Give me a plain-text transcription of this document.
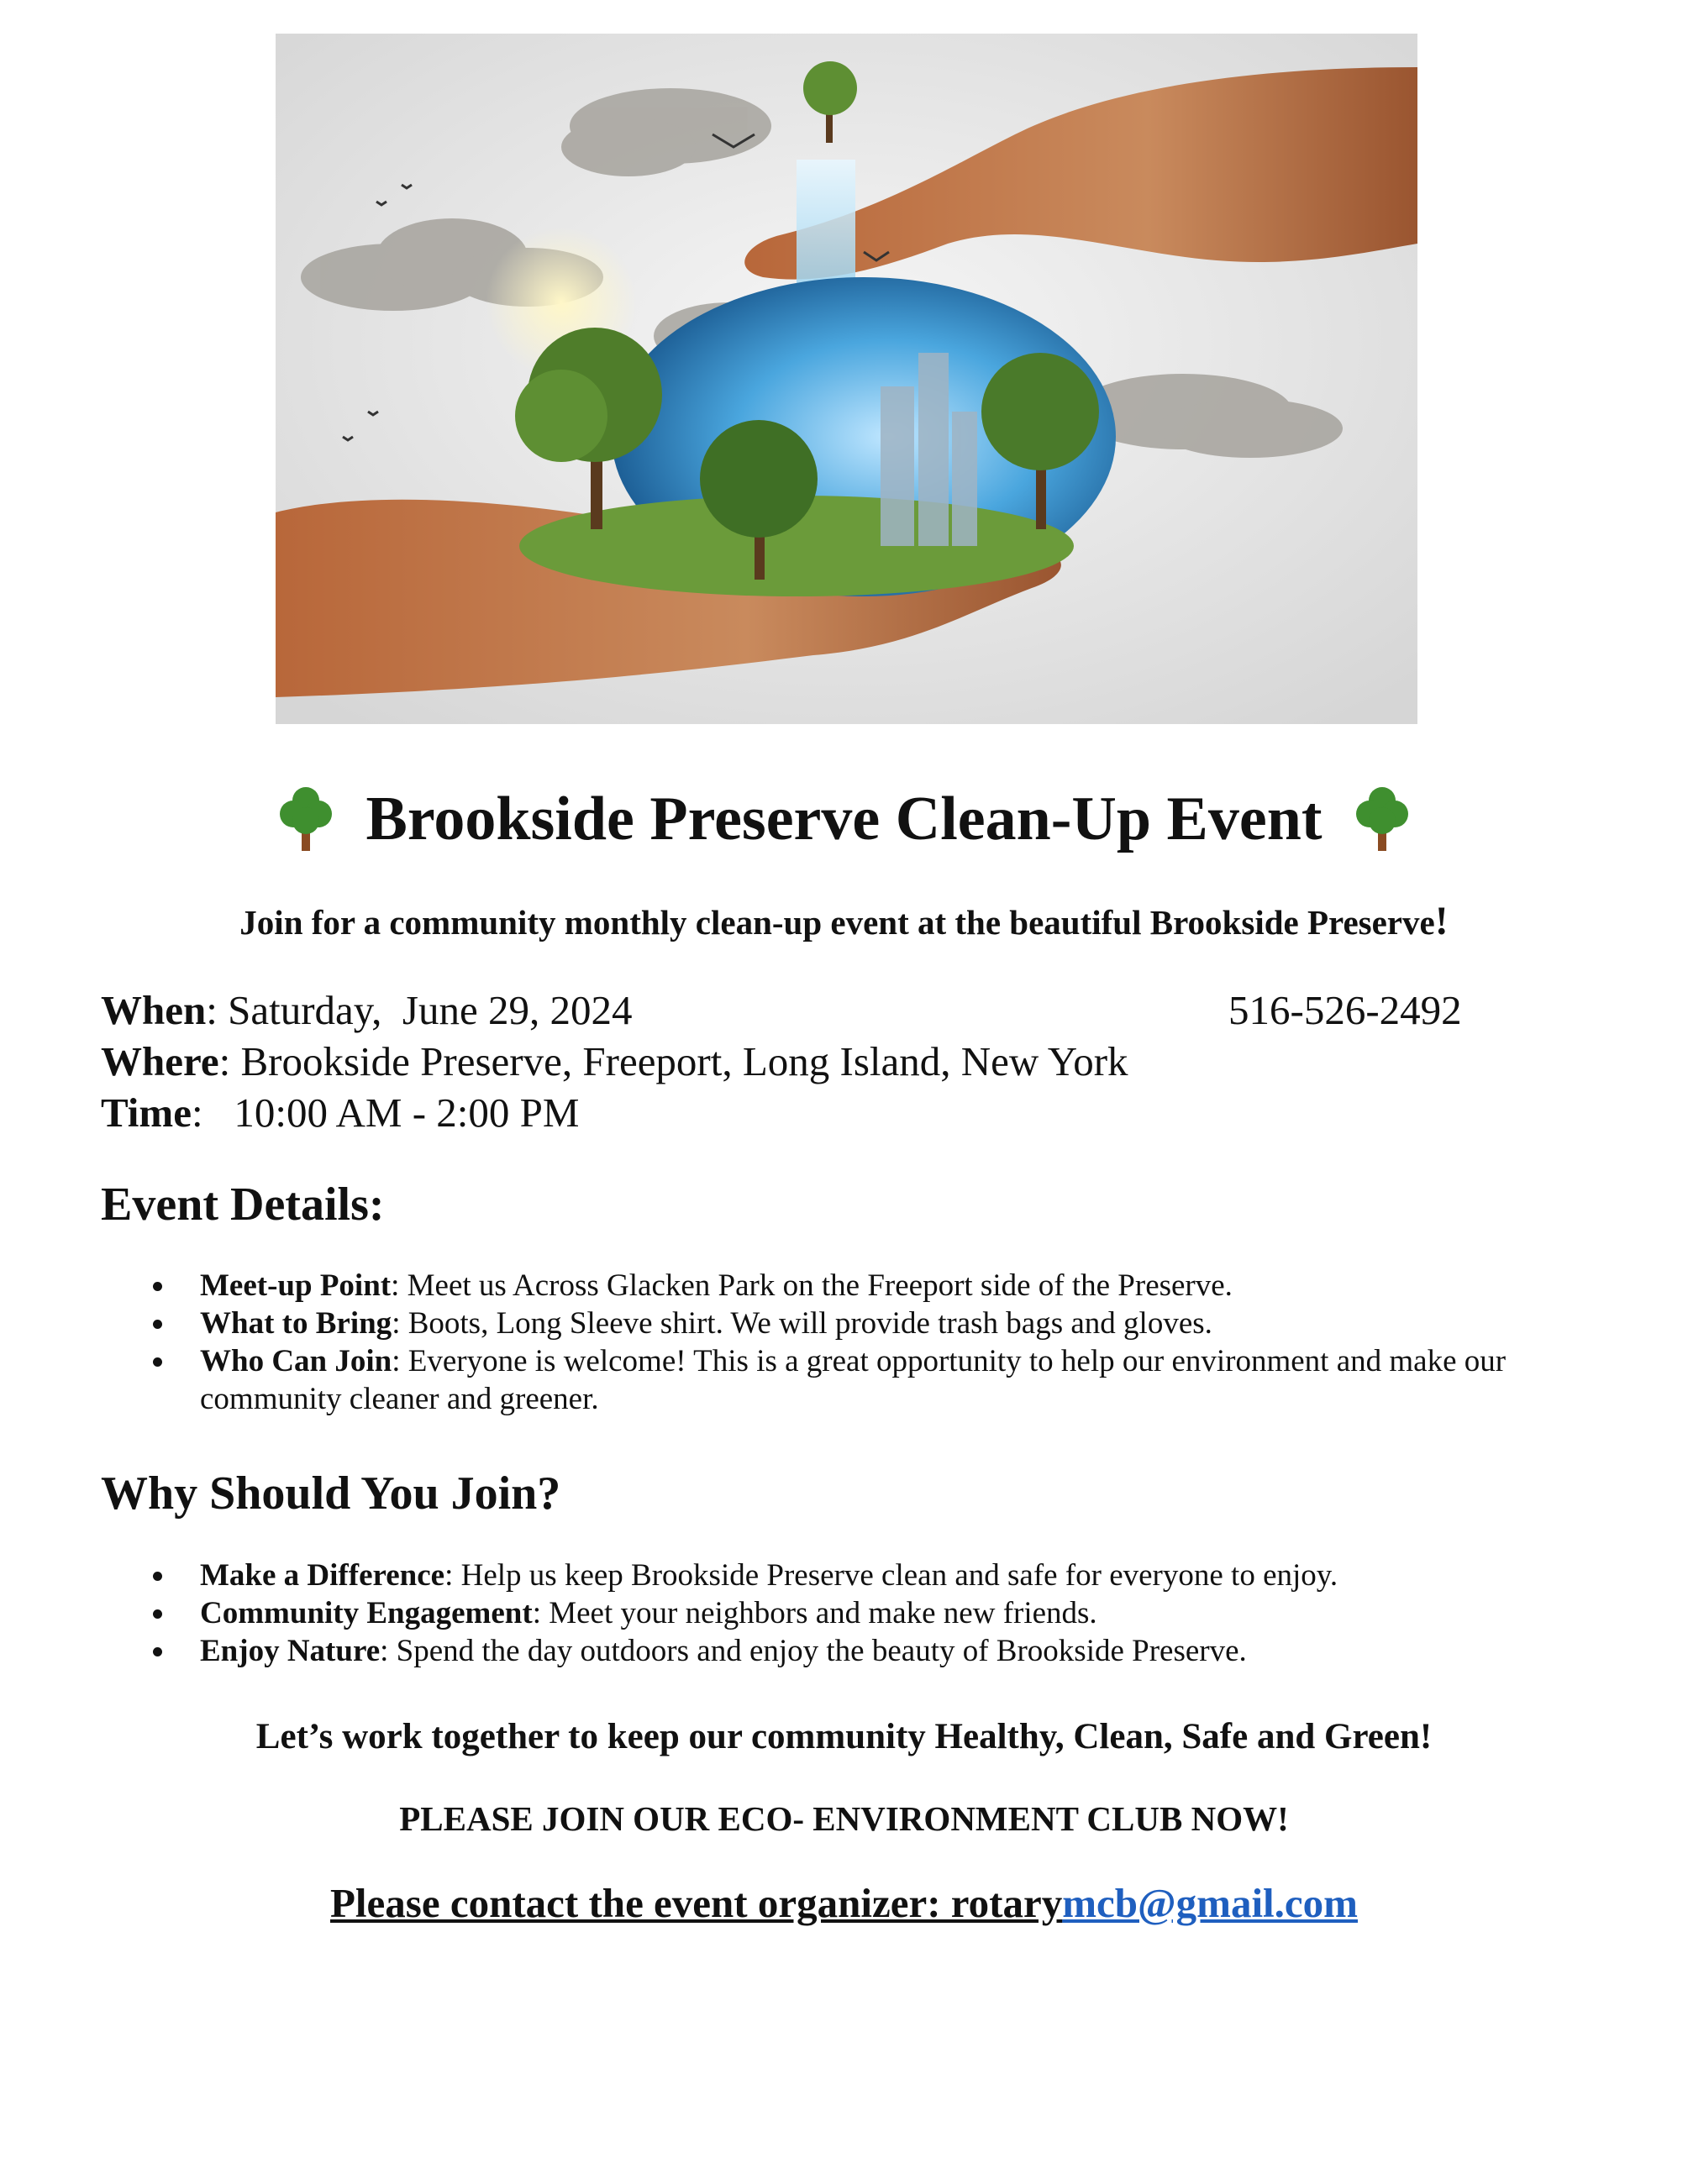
Brookside Preserve Clean-Up Event
Join for a community monthly clean-up event at the beautiful Brookside Preserve!
When: Saturday,  June 29, 2024	516-526-2492
Where: Brookside Preserve, Freeport, Long Island, New York
Time:   10:00 AM - 2:00 PM
Event Details:
Meet-up Point: Meet us Across Glacken Park on the Freeport side of the Preserve.
What to Bring: Boots, Long Sleeve shirt. We will provide trash bags and gloves.
Who Can Join: Everyone is welcome! This is a great opportunity to help our environment and make our community cleaner and greener.
Why Should You Join?
Make a Difference: Help us keep Brookside Preserve clean and safe for everyone to enjoy.
Community Engagement: Meet your neighbors and make new friends.
Enjoy Nature: Spend the day outdoors and enjoy the beauty of Brookside Preserve.
Let’s work together to keep our community Healthy, Clean, Safe and Green!
PLEASE JOIN OUR ECO- ENVIRONMENT CLUB NOW!
Please contact the event organizer: rotarymcb@gmail.com
